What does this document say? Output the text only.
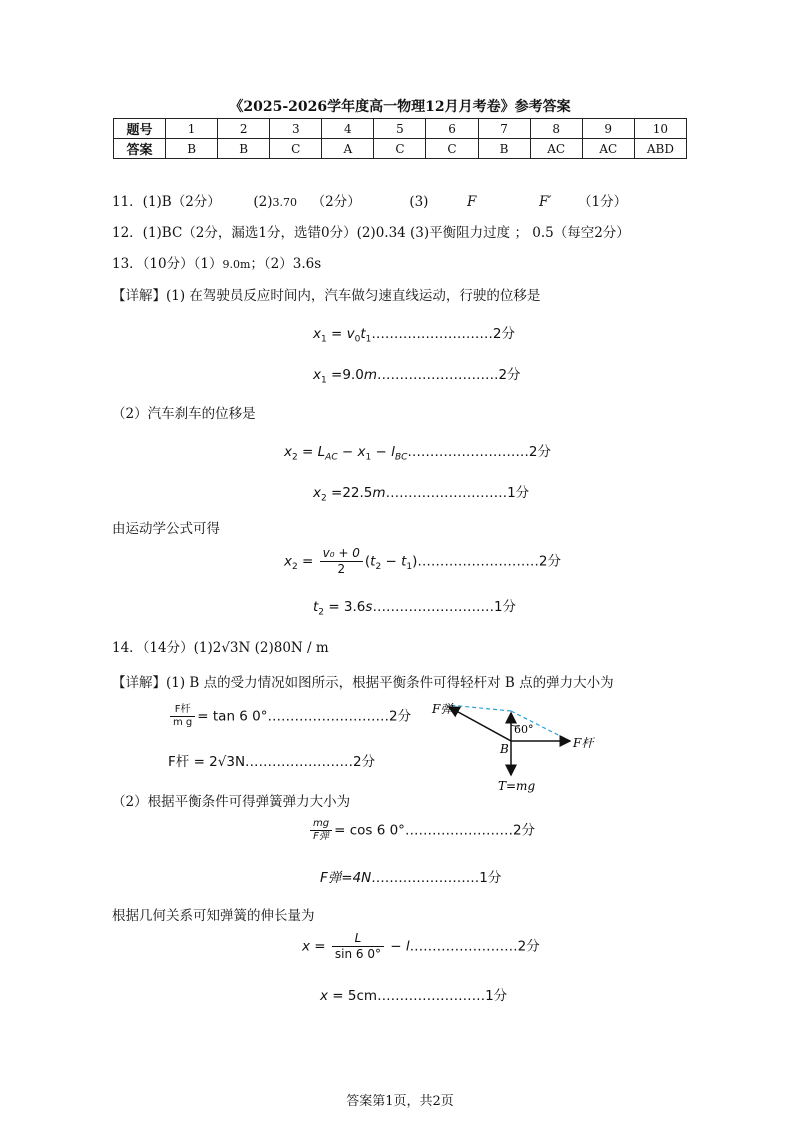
《2025-2026学年度高一物理12月月考卷》参考答案
题号	1	2	3	4	5	6	7	8	9	10
答案	B	B	C	A	C	C	B	AC	AC	ABD
11．(1)B（2分） (2)3.70 （2分）	(3)	F	F′ （1分）
12．(1)BC（2分，漏选1分，选错0分）(2)0.34 (3)平衡阻力过度 ； 0.5（每空2分）
13．（10分）（1）9.0m；（2）3.6s
【详解】(1) 在驾驶员反应时间内，汽车做匀速直线运动，行驶的位移是
$x_1$ = $v_0t_1\dots\dots\dots\dots\dots\dots\dots\dots\dots 2$分
$x_1$ =9.0m………………………2分
（2）汽车刹车的位移是
$x_2 = L_{AC} - x_1$ − $l_{BC}\dots\dots\dots\dots\dots\dots\dots\dots\dots 2$分
$x_2$ =22.5m………………………1分
由运动学公式可得
$x_2 = \frac{\text{v₀ + 0}}{2} (t_2$ − $t_1)\dots\dots\dots\dots\dots\dots\dots\dots\dots 2$分
$t_2$ = 3.6s………………………1分
14．（14分）(1)2√3N (2)80N / m
【详解】(1) B 点的受力情况如图所示，根据平衡条件可得轻杆对 B 点的弹力大小为
$\frac{\text{F杆}}{\text{m g}} = \tan 6$ 0°………………………2分
F杆 = 2√3N……………………2分
F弹
60°
B	F杆
T=mg
（2）根据平衡条件可得弹簧弹力大小为
$\frac{mg}{\text{F弹}} = \cos 6$ 0°……………………2分
F弹=4N……………………1分
根据几何关系可知弹簧的伸长量为
$x = \frac{L}{\sin 6 0^\circ}$ − l……………………2分
x = 5cm……………………1分
答案第1页，共2页
